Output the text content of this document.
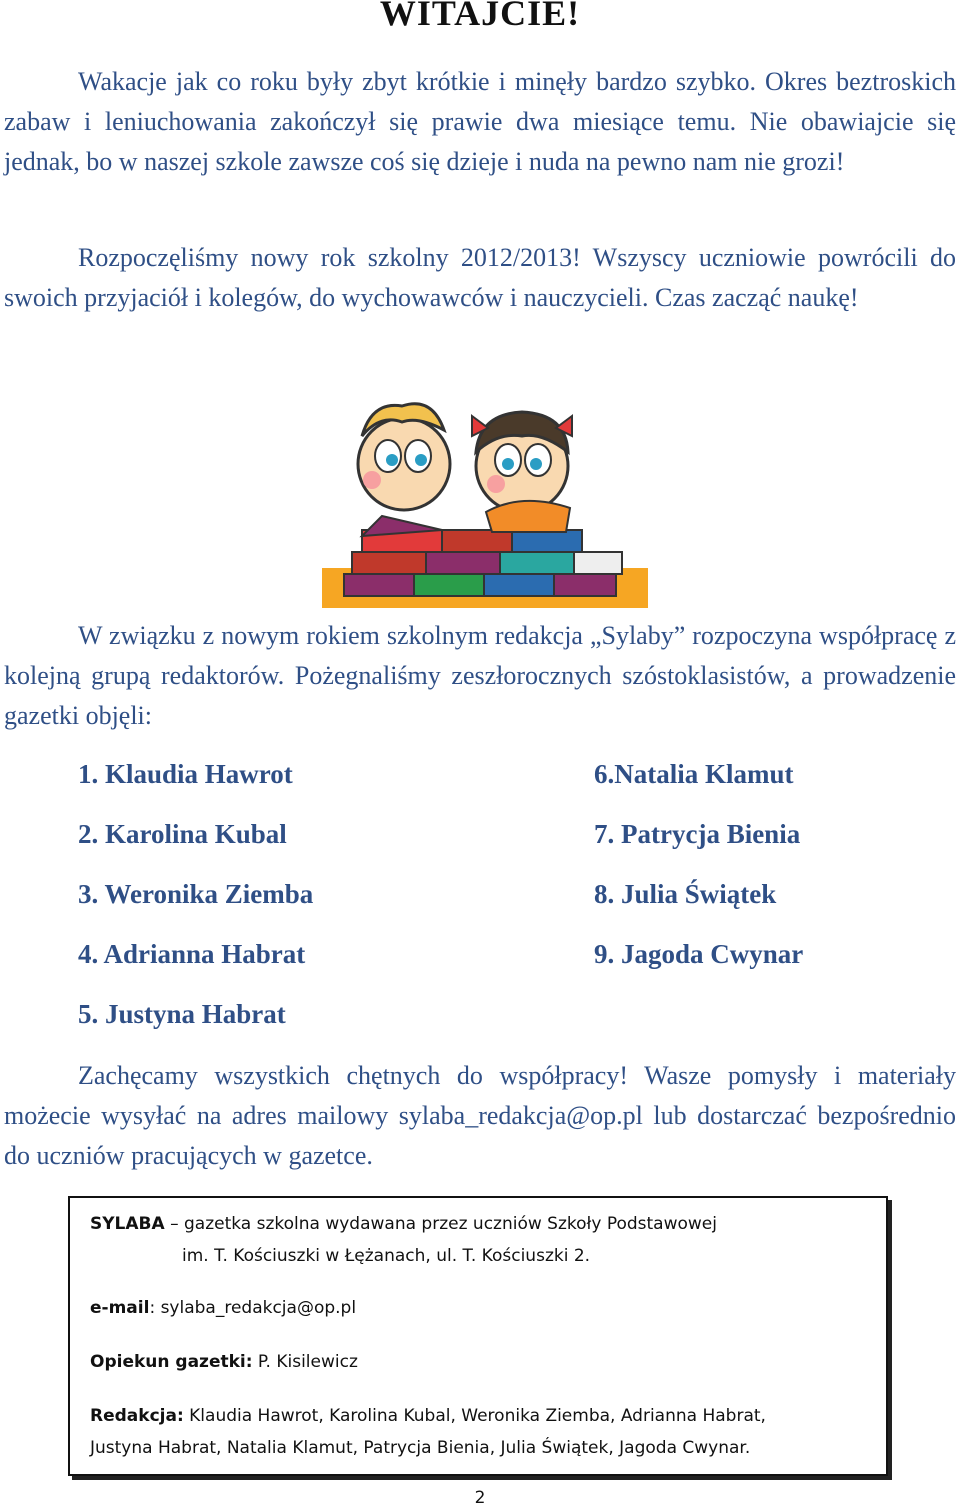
WITAJCIE!
Wakacje jak co roku były zbyt krótkie i minęły bardzo szybko. Okres beztroskich zabaw i leniuchowania zakończył się prawie dwa miesiące temu. Nie obawiajcie się jednak, bo w naszej szkole zawsze coś się dzieje i nuda na pewno nam nie grozi!
Rozpoczęliśmy nowy rok szkolny 2012/2013! Wszyscy uczniowie powrócili do swoich przyjaciół i kolegów, do wychowawców i nauczycieli. Czas zacząć naukę!
W związku z nowym rokiem szkolnym redakcja „Sylaby” rozpoczyna współpracę z kolejną grupą redaktorów. Pożegnaliśmy zeszłorocznych szóstoklasistów, a prowadzenie gazetki objęli:
1. Klaudia Hawrot
2. Karolina Kubal
3. Weronika Ziemba
4. Adrianna Habrat
5. Justyna Habrat
6.Natalia Klamut
7. Patrycja Bienia
8. Julia Świątek
9. Jagoda Cwynar
Zachęcamy wszystkich chętnych do współpracy! Wasze pomysły i materiały możecie wysyłać na adres mailowy sylaba_redakcja@op.pl lub dostarczać bezpośrednio do uczniów pracujących w gazetce.
SYLABA – gazetka szkolna wydawana przez uczniów Szkoły Podstawowej
im. T. Kościuszki w Łężanach, ul. T. Kościuszki 2.
e-mail: sylaba_redakcja@op.pl
Opiekun gazetki: P. Kisilewicz
Redakcja: Klaudia Hawrot, Karolina Kubal, Weronika Ziemba, Adrianna Habrat,
Justyna Habrat, Natalia Klamut, Patrycja Bienia, Julia Świątek, Jagoda Cwynar.
2
